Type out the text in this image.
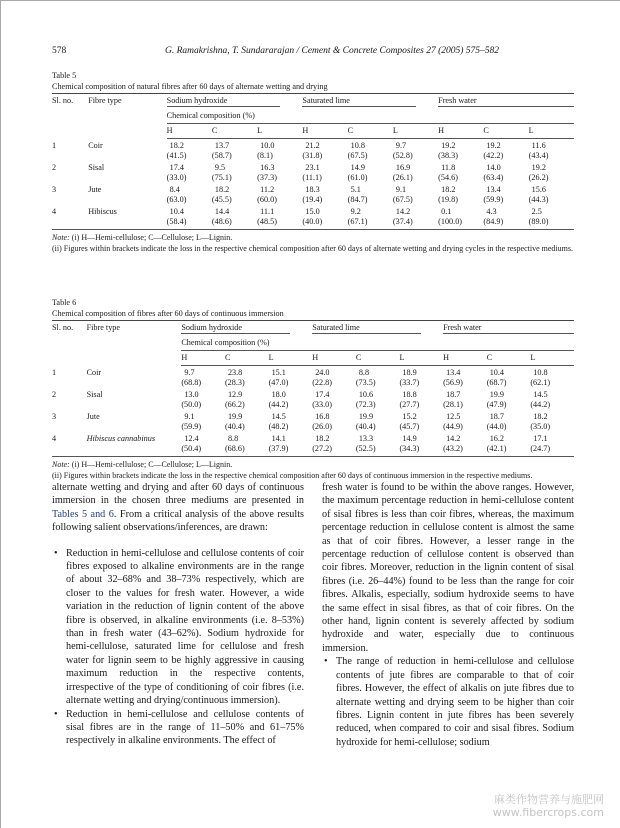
578	G. Ramakrishna, T. Sundararajan / Cement & Concrete Composites 27 (2005) 575–582
Table 5
Chemical composition of natural fibres after 60 days of alternate wetting and drying
Sl. no.	Fibre type	Sodium hydroxide			Saturated lime			Fresh water		

		Chemical composition (%)								
		H	C	L	H	C	L	H	C	L
1	Coir	18.2	13.7	10.0	21.2	10.8	9.7	19.2	19.2	11.6
		(41.5)	(58.7)	(8.1)	(31.8)	(67.5)	(52.8)	(38.3)	(42.2)	(43.4)
2	Sisal	17.4	9.5	16.3	23.1	14.9	16.9	11.8	14.0	19.2
		(33.0)	(75.1)	(37.3)	(11.1)	(61.0)	(26.1)	(54.6)	(63.4)	(26.2)
3	Jute	8.4	18.2	11.2	18.3	5.1	9.1	18.2	13.4	15.6
		(63.0)	(45.5)	(60.0)	(19.4)	(84.7)	(67.5)	(19.8)	(59.9)	(44.3)
4	Hibiscus	10.4	14.4	11.1	15.0	9.2	14.2	0.1	4.3	2.5
		(58.4)	(48.6)	(48.5)	(40.0)	(67.1)	(37.4)	(100.0)	(84.9)	(89.0)
Note: (i) H—Hemi-cellulose; C—Cellulose; L—Lignin.
(ii) Figures within brackets indicate the loss in the respective chemical composition after 60 days of alternate wetting and drying cycles in the respective mediums.
Table 6
Chemical composition of fibres after 60 days of continuous immersion
Sl. no.	Fibre type	Sodium hydroxide			Saturated lime			Fresh water		

		Chemical composition (%)								
		H	C	L	H	C	L	H	C	L
1	Coir	9.7	23.8	15.1	24.0	8.8	18.9	13.4	10.4	10.8
		(68.8)	(28.3)	(47.0)	(22.8)	(73.5)	(33.7)	(56.9)	(68.7)	(62.1)
2	Sisal	13.0	12.9	18.0	17.4	10.6	18.8	18.7	19.9	14.5
		(50.0)	(66.2)	(44.2)	(33.0)	(72.3)	(27.7)	(28.1)	(47.9)	(44.2)
3	Jute	9.1	19.9	14.5	16.8	19.9	15.2	12.5	18.7	18.2
		(59.9)	(40.4)	(48.2)	(26.0)	(40.4)	(45.7)	(44.9)	(44.0)	(35.0)
4	Hibiscus cannabinus	12.4	8.8	14.1	18.2	13.3	14.9	14.2	16.2	17.1
		(50.4)	(68.6)	(37.9)	(27.2)	(52.5)	(34.3)	(43.2)	(42.1)	(24.7)
Note: (i) H—Hemi-cellulose; C—Cellulose; L—Lignin.
(ii) Figures within brackets indicate the loss in the respective chemical composition after 60 days of continuous immersion in the respective mediums.

alternate wetting and drying and after 60 days of continuous immersion in the chosen three mediums are presented in Tables 5 and 6. From a critical analysis of the above results following salient observations/inferences, are drawn:

• Reduction in hemi-cellulose and cellulose contents of coir fibres exposed to alkaline environments are in the range of about 32–68% and 38–73% respectively, which are closer to the values for fresh water. However, a wide variation in the reduction of lignin content of the above fibre is observed, in alkaline environments (i.e. 8–53%) than in fresh water (43–62%). Sodium hydroxide for hemi-cellulose, saturated lime for cellulose and fresh water for lignin seem to be highly aggressive in causing maximum reduction in the respective contents, irrespective of the type of conditioning of coir fibres (i.e. alternate wetting and drying/continuous immersion).
• Reduction in hemi-cellulose and cellulose contents of sisal fibres are in the range of 11–50% and 61–75% respectively in alkaline environments. The effect of

fresh water is found to be within the above ranges. However, the maximum percentage reduction in hemi-cellulose content of sisal fibres is less than coir fibres, whereas, the maximum percentage reduction in cellulose content is almost the same as that of coir fibres. However, a lesser range in the percentage reduction of cellulose content is observed than coir fibres. Moreover, reduction in the lignin content of sisal fibres (i.e. 26–44%) found to be less than the range for coir fibres. Alkalis, especially, sodium hydroxide seems to have the same effect in sisal fibres, as that of coir fibres. On the other hand, lignin content is severely affected by sodium hydroxide and water, especially due to continuous immersion.

• The range of reduction in hemi-cellulose and cellulose contents of jute fibres are comparable to that of coir fibres. However, the effect of alkalis on jute fibres due to alternate wetting and drying seem to be higher than coir fibres. Lignin content in jute fibres has been severely reduced, when compared to coir and sisal fibres. Sodium hydroxide for hemi-cellulose; sodium
麻类作物营养与施肥网
www.fibercrops.com
